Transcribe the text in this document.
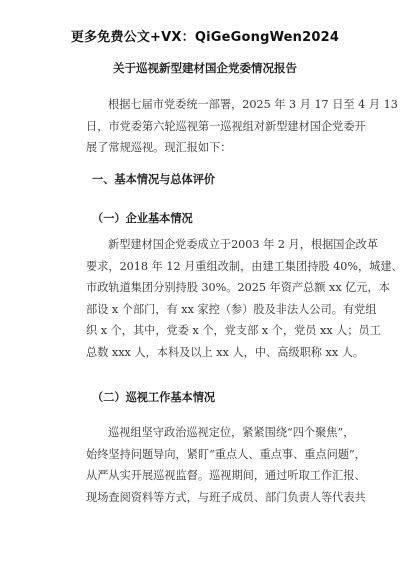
更多免费公文+VX：QiGeGongWen2024
关于巡视新型建材国企党委情况报告

根据七届市党委统一部署，2025 年 3 月 17 日至 4 月 13
日，市党委第六轮巡视第一巡视组对新型建材国企党委开
展了常规巡视。现汇报如下：

一、基本情况与总体评价
（一）企业基本情况

新型建材国企党委成立于2003 年 2 月，根据国企改革
要求，2018 年 12 月重组改制，由建工集团持股 40%，城建、
市政轨道集团分别持股 30%。2025 年资产总额 xx 亿元，本
部设 x 个部门，有 xx 家控（参）股及非法人公司。有党组
织 x 个，其中，党委 x 个，党支部 x 个，党员 xx 人；员工
总数 xxx 人，本科及以上 xx 人，中、高级职称 xx 人。

（二）巡视工作基本情况

巡视组坚守政治巡视定位，紧紧围绕“四个聚焦”，
始终坚持问题导向，紧盯“重点人、重点事、重点问题”，
从严从实开展巡视监督。巡视期间，通过听取工作汇报、
现场查阅资料等方式，与班子成员、部门负责人等代表共
